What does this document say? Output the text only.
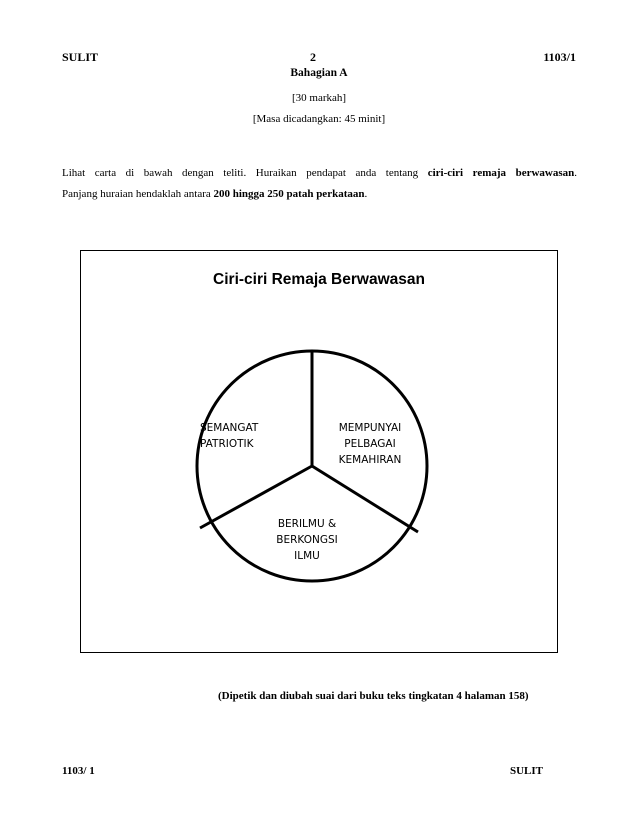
SULIT	2	1103/1
Bahagian A
[30 markah]
[Masa dicadangkan: 45 minit]
Lihat carta di bawah dengan teliti. Huraikan pendapat anda tentang ciri-ciri remaja berwawasan.
Panjang huraian hendaklah antara 200 hingga 250 patah perkataan.
Ciri-ciri Remaja Berwawasan
SEMANGAT
PATRIOTIK
MEMPUNYAI
PELBAGAI
KEMAHIRAN
BERILMU &
BERKONGSI
ILMU
(Dipetik dan diubah suai dari buku teks tingkatan 4 halaman 158)
1103/ 1	SULIT
